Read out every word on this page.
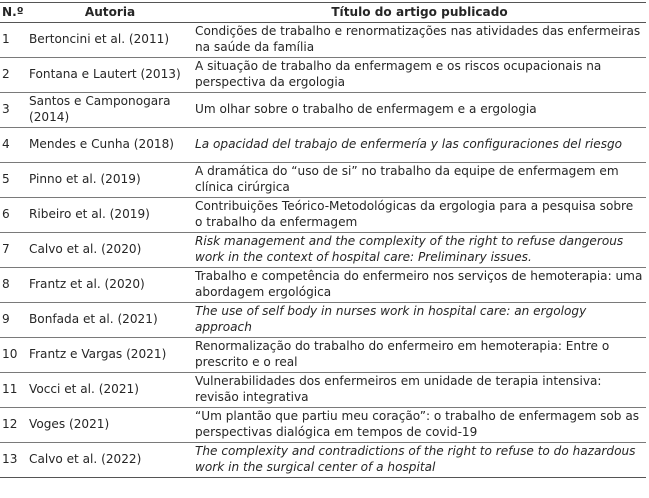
N.º	Autoria	Título do artigo publicado
1	Bertoncini et al. (2011)	Condições de trabalho e renormatizações nas atividades das enfermeiras na saúde da família
2	Fontana e Lautert (2013)	A situação de trabalho da enfermagem e os riscos ocupacionais na perspectiva da ergologia
3	Santos e Camponogara (2014)	Um olhar sobre o trabalho de enfermagem e a ergologia
4	Mendes e Cunha (2018)	La opacidad del trabajo de enfermería y las configuraciones del riesgo
5	Pinno et al. (2019)	A dramática do “uso de si” no trabalho da equipe de enfermagem em clínica cirúrgica
6	Ribeiro et al. (2019)	Contribuições Teórico-Metodológicas da ergologia para a pesquisa sobre o trabalho da enfermagem
7	Calvo et al. (2020)	Risk management and the complexity of the right to refuse dangerous work in the context of hospital care: Preliminary issues.
8	Frantz et al. (2020)	Trabalho e competência do enfermeiro nos serviços de hemoterapia: uma abordagem ergológica
9	Bonfada et al. (2021)	The use of self body in nurses work in hospital care: an ergology approach
10	Frantz e Vargas (2021)	Renormalização do trabalho do enfermeiro em hemoterapia: Entre o prescrito e o real
11	Vocci et al. (2021)	Vulnerabilidades dos enfermeiros em unidade de terapia intensiva: revisão integrativa
12	Voges (2021)	“Um plantão que partiu meu coração”: o trabalho de enfermagem sob as perspectivas dialógica em tempos de covid-19
13	Calvo et al. (2022)	The complexity and contradictions of the right to refuse to do hazardous work in the surgical center of a hospital
